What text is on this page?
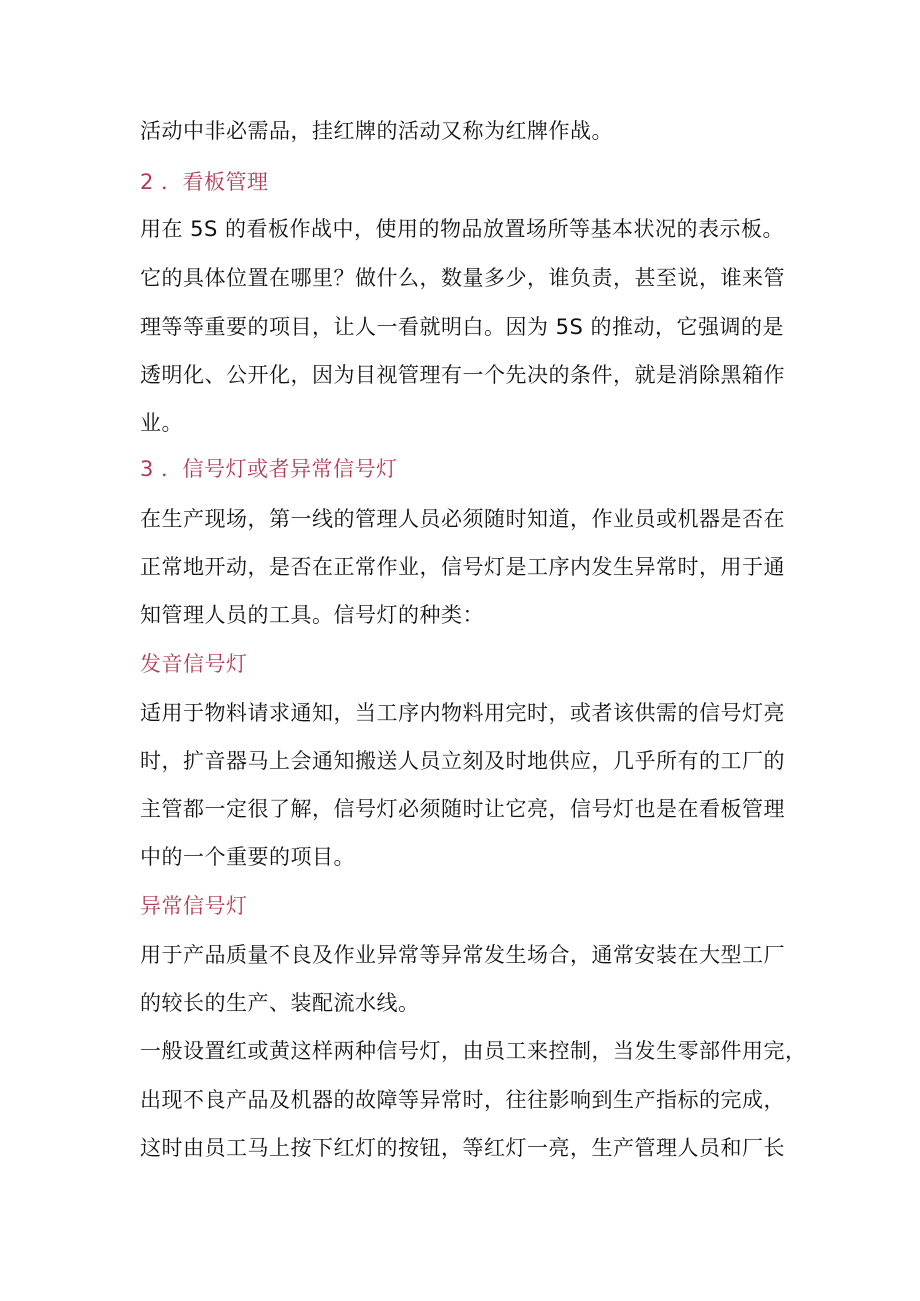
活动中非必需品，挂红牌的活动又称为红牌作战。
2 ．看板管理
用在 5S 的看板作战中，使用的物品放置场所等基本状况的表示板。
它的具体位置在哪里？做什么，数量多少，谁负责，甚至说，谁来管
理等等重要的项目，让人一看就明白。因为 5S 的推动，它强调的是
透明化、公开化，因为目视管理有一个先决的条件，就是消除黑箱作
业。
3 ．信号灯或者异常信号灯
在生产现场，第一线的管理人员必须随时知道，作业员或机器是否在
正常地开动，是否在正常作业，信号灯是工序内发生异常时，用于通
知管理人员的工具。信号灯的种类：
发音信号灯
适用于物料请求通知，当工序内物料用完时，或者该供需的信号灯亮
时，扩音器马上会通知搬送人员立刻及时地供应，几乎所有的工厂的
主管都一定很了解，信号灯必须随时让它亮，信号灯也是在看板管理
中的一个重要的项目。
异常信号灯
用于产品质量不良及作业异常等异常发生场合，通常安装在大型工厂
的较长的生产、装配流水线。
一般设置红或黄这样两种信号灯，由员工来控制，当发生零部件用完，
出现不良产品及机器的故障等异常时，往往影响到生产指标的完成，
这时由员工马上按下红灯的按钮，等红灯一亮，生产管理人员和厂长
